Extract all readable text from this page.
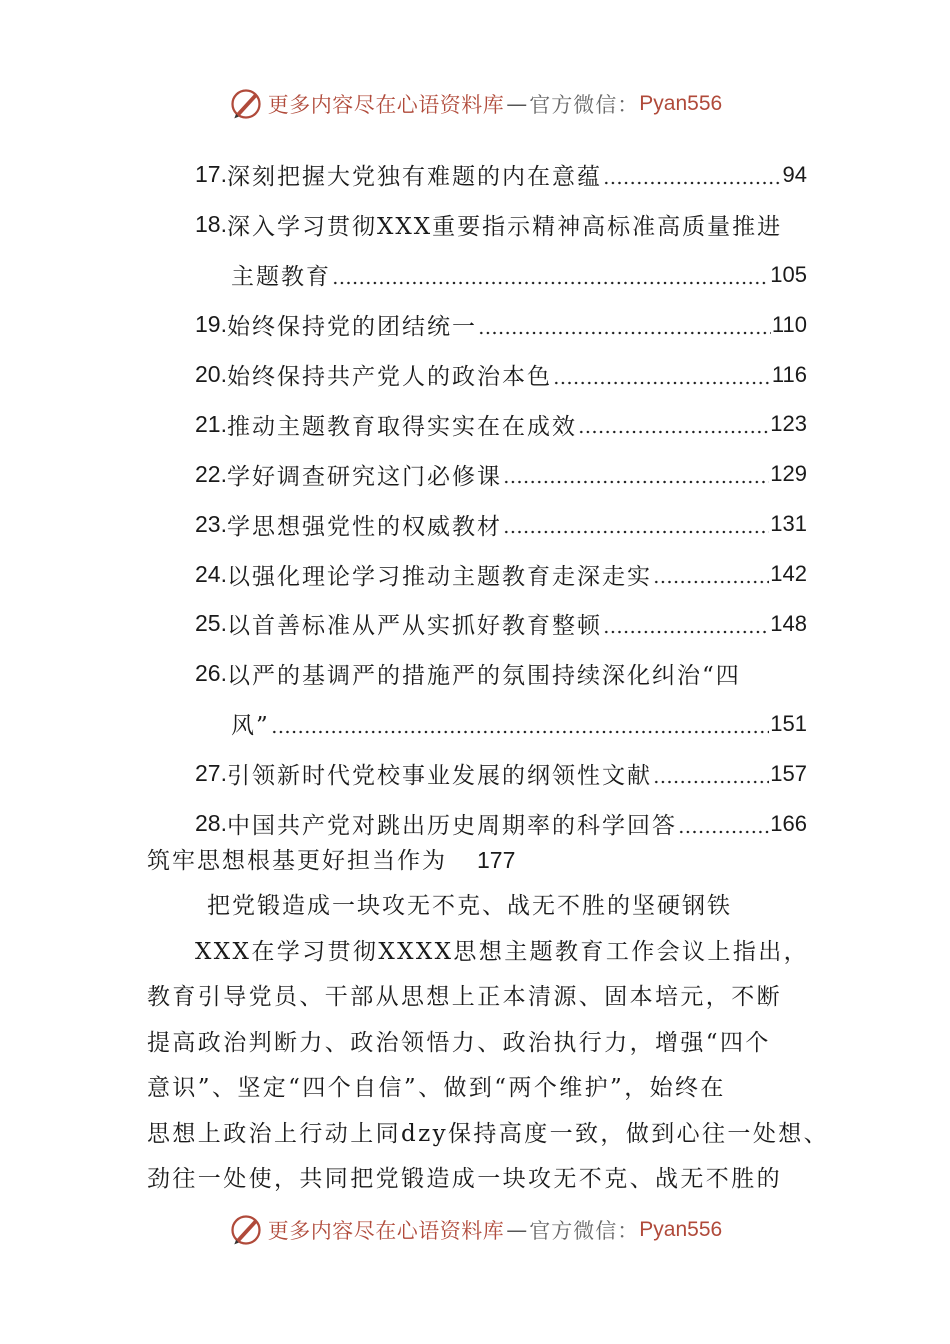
更多内容尽在心语资料库 — 官方微信： Pyan556
17. 深刻把握大党独有难题的内在意蕴	94
18. 深入学习贯彻XXX重要指示精神高标准高质量推进
主题教育	105
19. 始终保持党的团结统一	110
20. 始终保持共产党人的政治本色	116
21. 推动主题教育取得实实在在成效	123
22. 学好调查研究这门必修课	129
23. 学思想强党性的权威教材	131
24. 以强化理论学习推动主题教育走深走实	142
25. 以首善标准从严从实抓好教育整顿	148
26. 以严的基调严的措施严的氛围持续深化纠治“四
风”	151
27. 引领新时代党校事业发展的纲领性文献	157
28. 中国共产党对跳出历史周期率的科学回答	166
筑牢思想根基更好担当作为 177
把党锻造成一块攻无不克、战无不胜的坚硬钢铁
XXX在学习贯彻XXXX思想主题教育工作会议上指出，
教育引导党员、干部从思想上正本清源、固本培元，不断
提高政治判断力、政治领悟力、政治执行力，增强“四个
意识”、坚定“四个自信”、做到“两个维护”，始终在
思想上政治上行动上同dzy保持高度一致，做到心往一处想、
劲往一处使，共同把党锻造成一块攻无不克、战无不胜的
更多内容尽在心语资料库 — 官方微信： Pyan556
